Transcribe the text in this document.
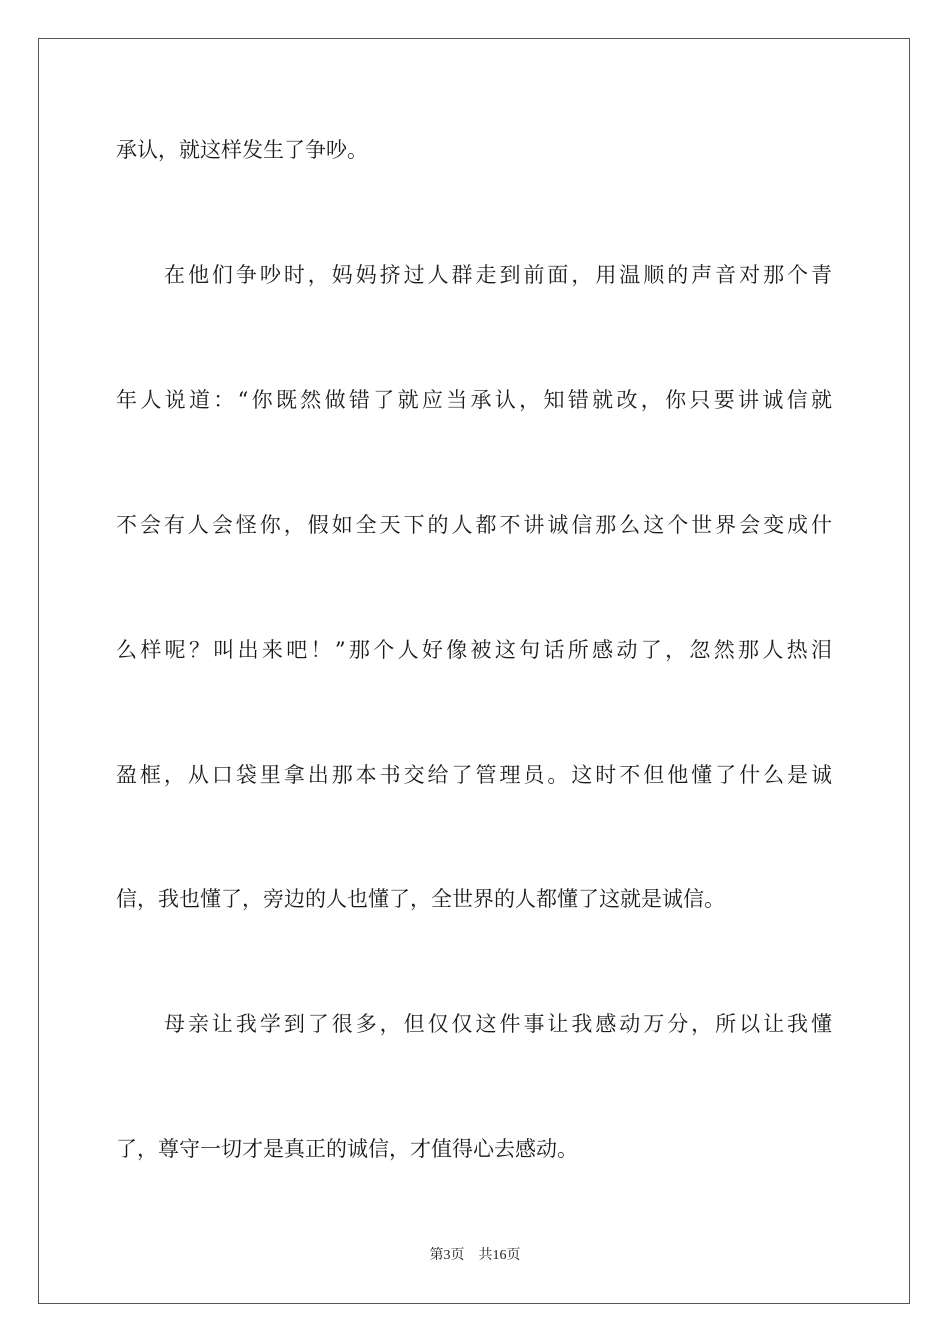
承认，就这样发生了争吵。
在他们争吵时，妈妈挤过人群走到前面，用温顺的声音对那个青
年人说道：“你既然做错了就应当承认，知错就改，你只要讲诚信就
不会有人会怪你，假如全天下的人都不讲诚信那么这个世界会变成什
么样呢？叫出来吧！”那个人好像被这句话所感动了，忽然那人热泪
盈框，从口袋里拿出那本书交给了管理员。这时不但他懂了什么是诚
信，我也懂了，旁边的人也懂了，全世界的人都懂了这就是诚信。
母亲让我学到了很多，但仅仅这件事让我感动万分，所以让我懂
了，尊守一切才是真正的诚信，才值得心去感动。
第3页    共16页
